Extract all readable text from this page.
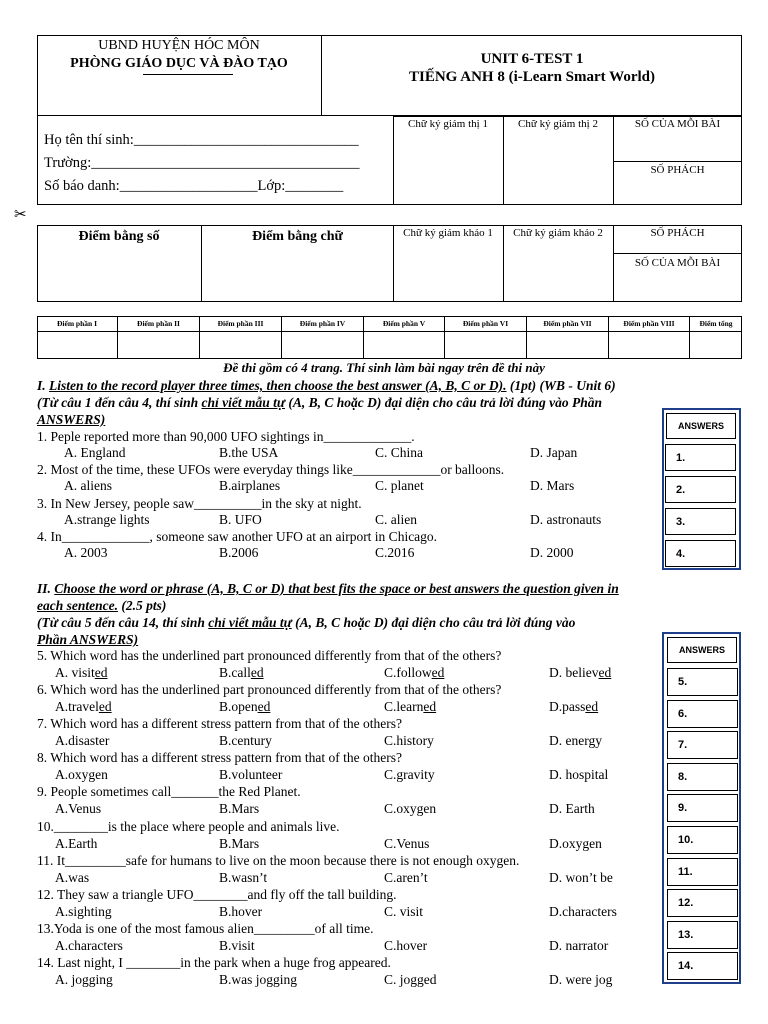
UBND HUYỆN HÓC MÔN
PHÒNG GIÁO DỤC VÀ ĐÀO TẠO	UNIT 6-TEST 1
TIẾNG ANH 8 (i-Learn Smart World)
Họ tên thí sinh:_______________________________
Trường:_____________________________________
Số báo danh:___________________Lớp:________
Chữ ký giám thị 1	Chữ ký giám thị 2	SỐ CỦA MỖI BÀI
SỐ PHÁCH
✂
Điểm bằng số	Điểm bằng chữ	Chữ ký giám khảo 1	Chữ ký giám khảo 2	SỐ PHÁCH
SỐ CỦA MỖI BÀI
Điểm phần I	Điểm phần II	Điểm phần III	Điểm phần IV	Điểm phần V	Điểm phần VI	Điểm phần VII	Điểm phần VIII	Điểm tổng
Đề thi gồm có 4 trang. Thí sinh làm bài ngay trên đề thi này
I. Listen to the record player three times, then choose the best answer (A, B, C or D). (1pt) (WB - Unit 6)
(Từ câu 1 đến câu 4, thí sinh chỉ viết mẫu tự (A, B, C hoặc D) đại diện cho câu trả lời đúng vào Phần
ANSWERS)
1. Peple reported more than 90,000 UFO sightings in_____________.
A. England	B.the USA	C. China	D. Japan
2. Most of the time, these UFOs were everyday things like_____________or balloons.
A. aliens	B.airplanes	C. planet	D. Mars
3. In New Jersey, people saw__________in the sky at night.
A.strange lights	B. UFO	C. alien	D. astronauts
4. In_____________, someone saw another UFO at an airport in Chicago.
A. 2003	B.2006	C.2016	D. 2000
ANSWERS
1.
2.
3.
4.
II. Choose the word or phrase (A, B, C or D) that best fits the space or best answers the question given in
each sentence. (2.5 pts)
(Từ câu 5 đến câu 14, thí sinh chỉ viết mẫu tự (A, B, C hoặc D) đại diện cho câu trả lời đúng vào
Phần ANSWERS)
5. Which word has the underlined part pronounced differently from that of the others?
A. visited	B.called	C.followed	D. believed
6. Which word has the underlined part pronounced differently from that of the others?
A.traveled	B.opened	C.learned	D.passed
7. Which word has a different stress pattern from that of the others?
A.disaster	B.century	C.history	D. energy
8. Which word has a different stress pattern from that of the others?
A.oxygen	B.volunteer	C.gravity	D. hospital
9. People sometimes call_______the Red Planet.
A.Venus	B.Mars	C.oxygen	D. Earth
10.________is the place where people and animals live.
A.Earth	B.Mars	C.Venus	D.oxygen
11. It_________safe for humans to live on the moon because there is not enough oxygen.
A.was	B.wasn’t	C.aren’t	D. won’t be
12. They saw a triangle UFO________and fly off the tall building.
A.sighting	B.hover	C. visit	D.characters
13.Yoda is one of the most famous alien_________of all time.
A.characters	B.visit	C.hover	D. narrator
14. Last night, I ________in the park when a huge frog appeared.
A. jogging	B.was jogging	C. jogged	D. were jog
ANSWERS
5.
6.
7.
8.
9.
10.
11.
12.
13.
14.
